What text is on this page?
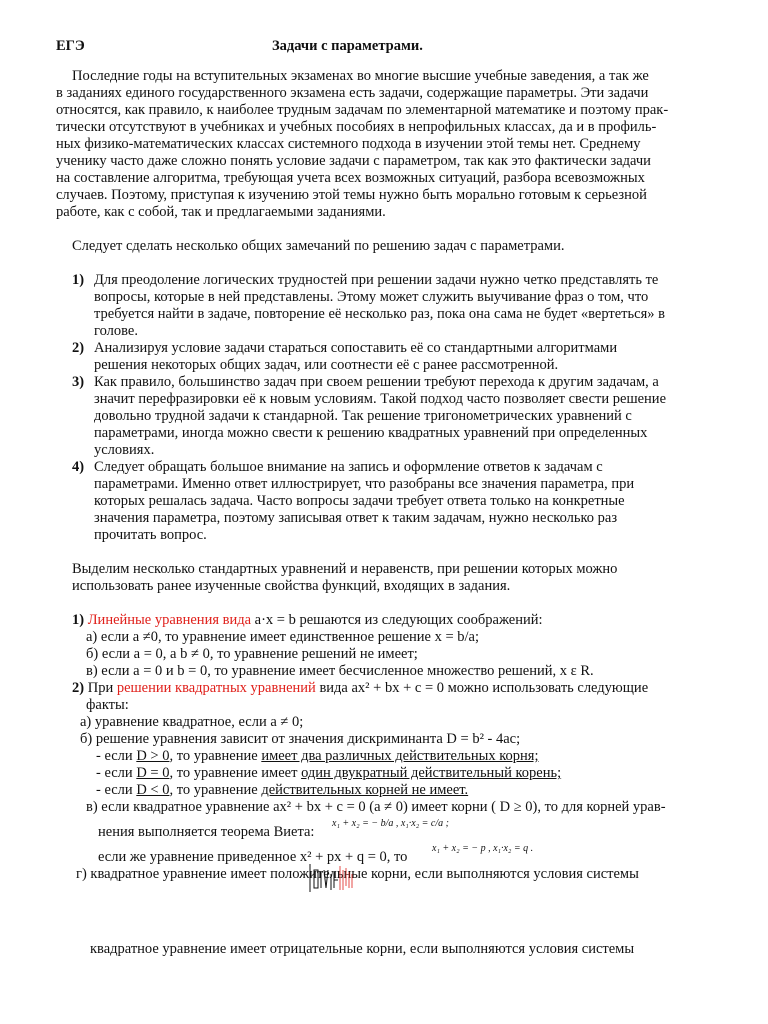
ЕГЭ	Задачи с параметрами.
Последние годы на вступительных экзаменах во многие высшие учебные заведения, а так же
в заданиях единого государственного экзамена есть задачи, содержащие параметры. Эти задачи
относятся, как правило, к наиболее трудным задачам по элементарной математике и поэтому прак-
тически отсутствуют в учебниках и учебных пособиях в непрофильных классах, да и в профиль-
ных физико-математических классах системного подхода в изучении этой темы нет. Среднему
ученику часто даже сложно понять условие задачи с параметром, так как это фактически задачи
на составление алгоритма, требующая учета всех возможных ситуаций, разбора всевозможных
случаев. Поэтому, приступая к изучению этой темы нужно быть морально готовым к серьезной
работе, как с собой, так и предлагаемыми заданиями.
Следует сделать несколько общих замечаний по решению задач с параметрами.
1) Для преодоление логических трудностей при решении задачи нужно четко представлять те
вопросы, которые в ней представлены. Этому может служить выучивание фраз о том, что
требуется найти в задаче, повторение её несколько раз, пока она сама не будет «вертеться» в
голове.
2) Анализируя условие задачи стараться сопоставить её со стандартными алгоритмами
решения некоторых общих задач, или соотнести её с ранее рассмотренной.
3) Как правило, большинство задач при своем решении требуют перехода к другим задачам, а
значит перефразировки её к новым условиям. Такой подход часто позволяет свести решение
довольно трудной задачи к стандарной. Так решение тригонометрических уравнений с
параметрами, иногда можно свести к решению квадратных уравнений при определенных
условиях.
4) Следует обращать большое внимание на запись и оформление ответов к задачам с
параметрами. Именно ответ иллюстрирует, что разобраны все значения параметра, при
которых решалась задача. Часто вопросы задачи требует ответа только на конкретные
значения параметра, поэтому записывая ответ к таким задачам, нужно несколько раз
прочитать вопрос.
Выделим несколько стандартных уравнений и неравенств, при решении которых можно
использовать ранее изученные свойства функций, входящих в задания.
1) Линейные уравнения вида a·x = b решаются из следующих соображений:
а) если a ≠0, то уравнение имеет единственное решение x = b/a;
б) если a = 0, a b ≠ 0, то уравнение решений не имеет;
в) если a = 0 и b = 0, то уравнение имеет бесчисленное множество решений, x ε R.
2) При решении квадратных уравнений вида ax² + bx + c = 0 можно использовать следующие
факты:
а) уравнение квадратное, если a ≠ 0;
б) решение уравнения зависит от значения дискриминанта D = b² - 4ac;
- если D > 0, то уравнение имеет два различных действительных корня;
- если D = 0, то уравнение имеет один двукратный действительный корень;
- если D < 0, то уравнение действительных корней не имеет.
в) если квадратное уравнение ax² + bx + c = 0 (a ≠ 0) имеет корни ( D ≥ 0), то для корней урав-
нения выполняется теорема Виета:
x₁ + x₂ = − b/a , x₁·x₂ = c/a ;
если же уравнение приведенное x² + px + q = 0, то
x₁ + x₂ = − p , x₁·x₂ = q .
г) квадратное уравнение имеет положительные корни, если выполняются условия системы
квадратное уравнение имеет отрицательные корни, если выполняются условия системы
